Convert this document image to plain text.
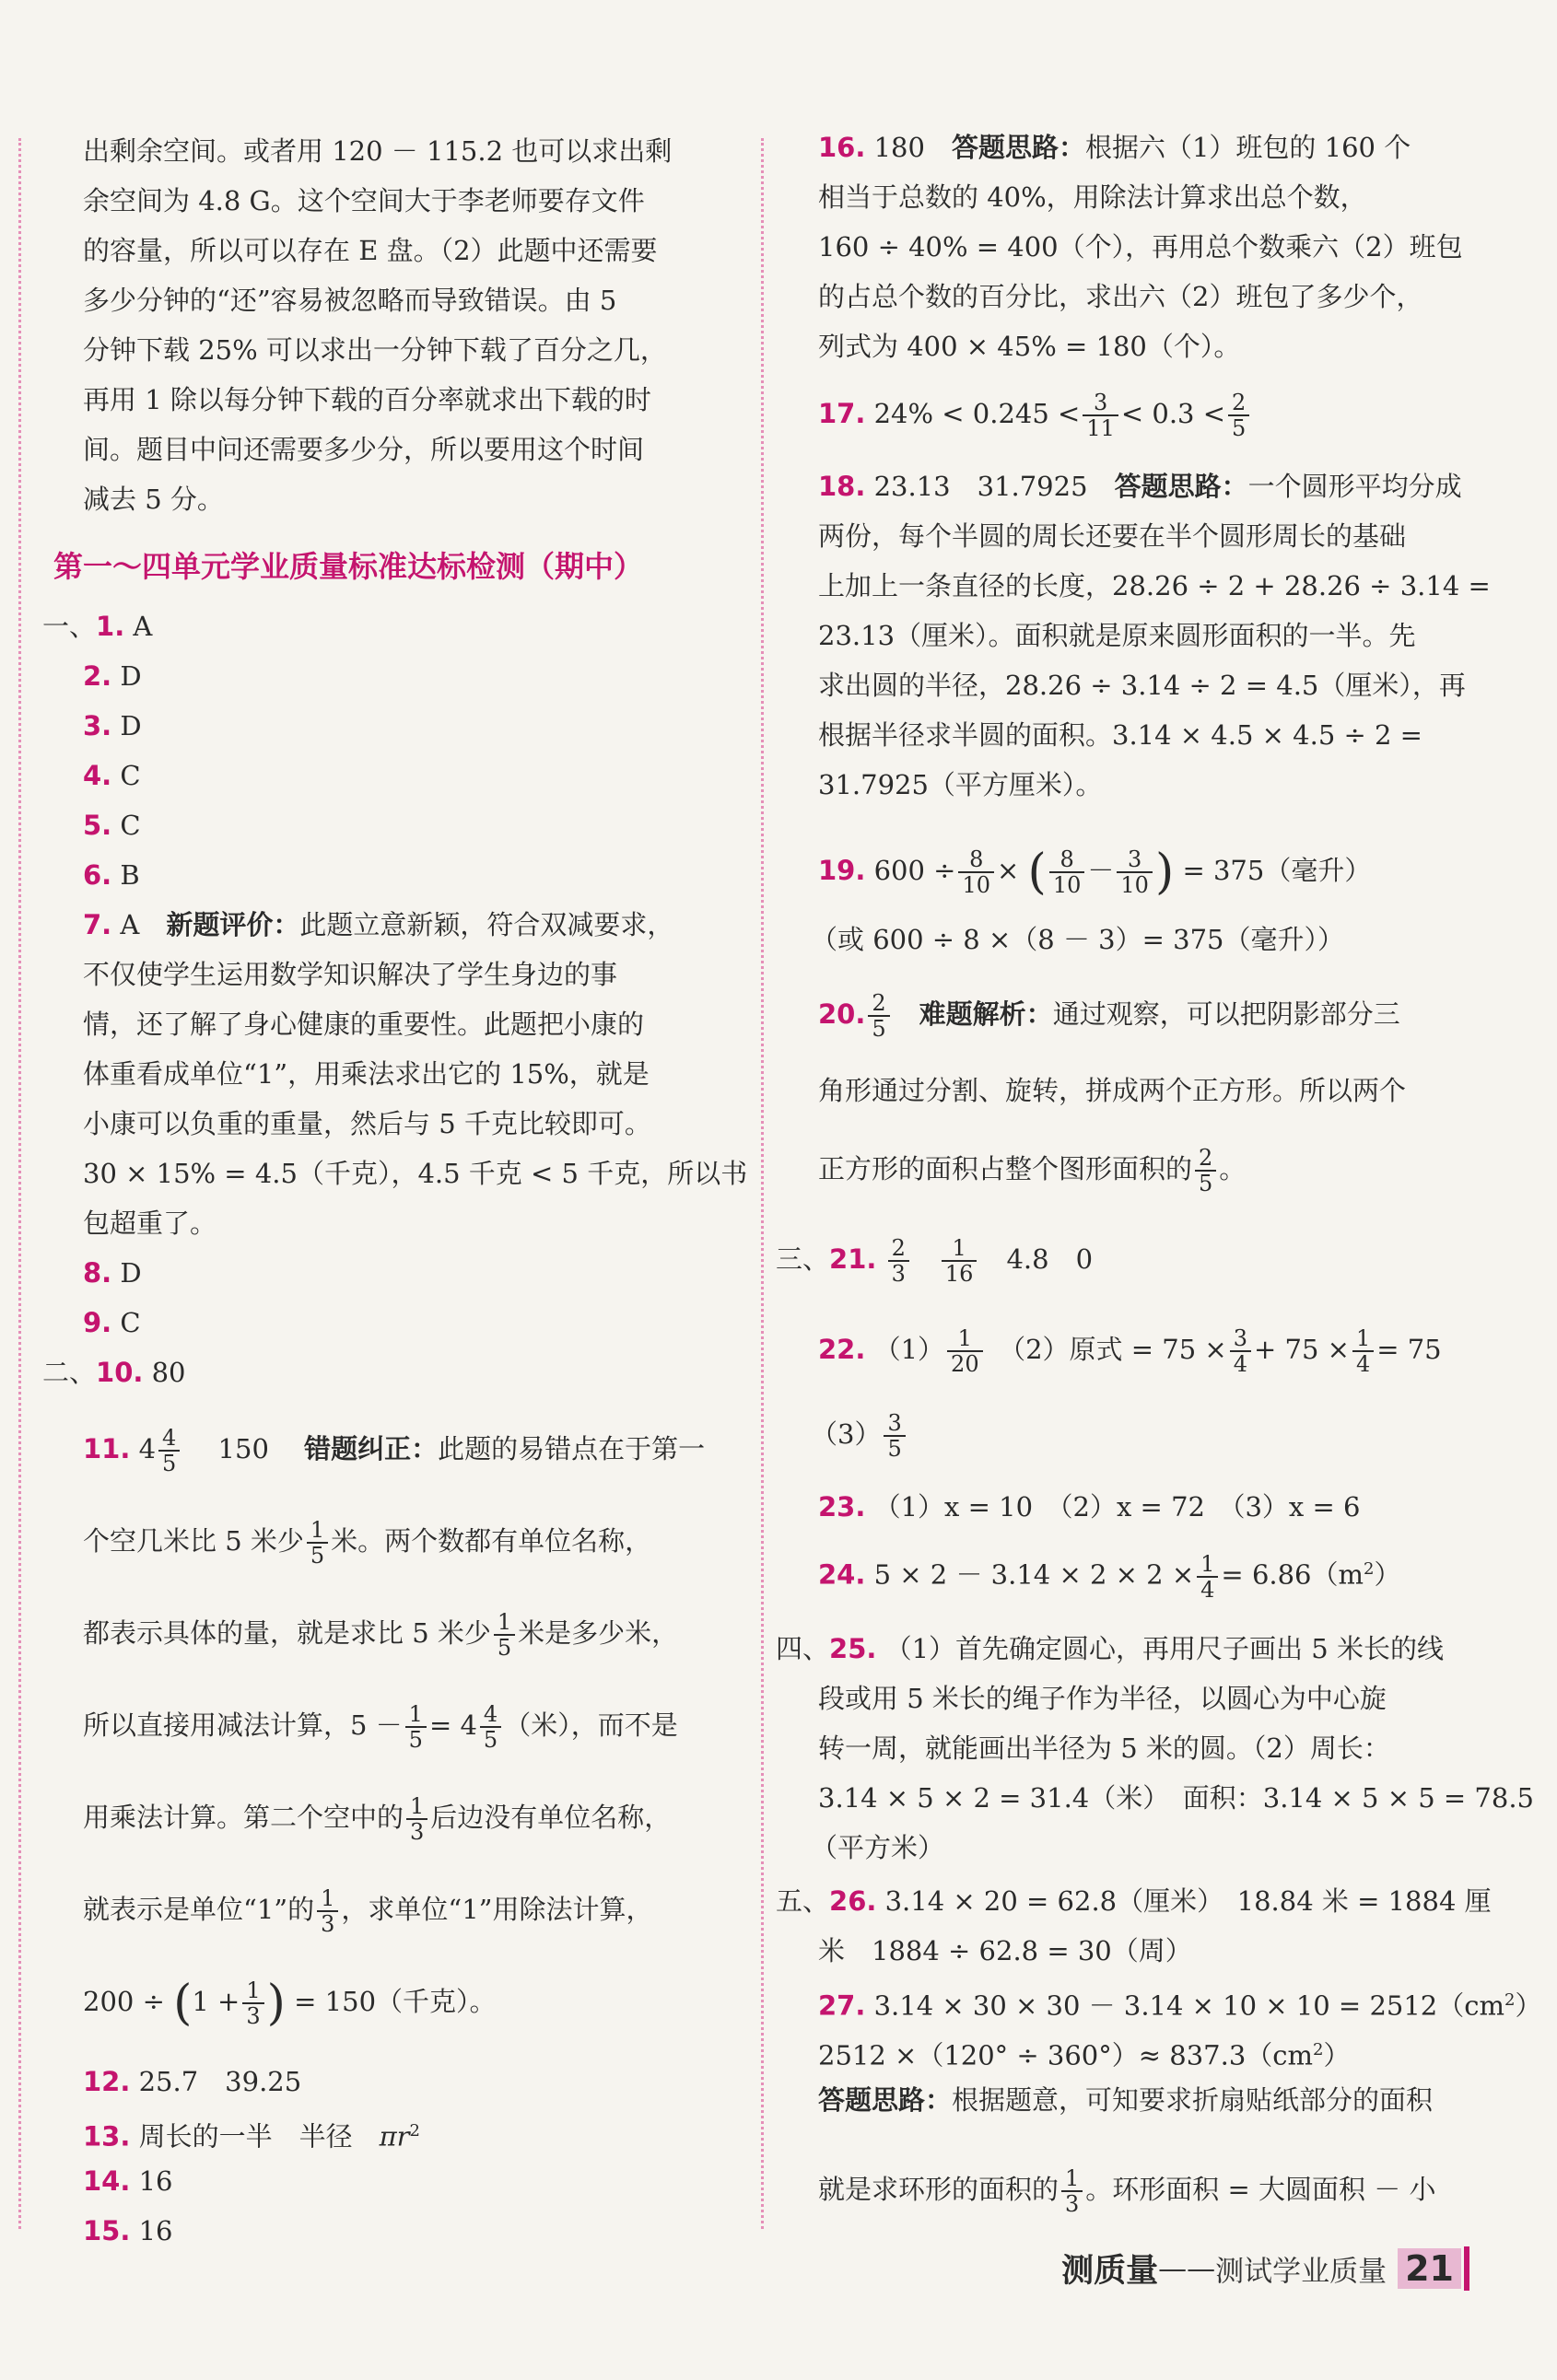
出剩余空间。或者用 120 － 115.2 也可以求出剩
余空间为 4.8 G。这个空间大于李老师要存文件
的容量，所以可以存在 E 盘。（2）此题中还需要
多少分钟的“还”容易被忽略而导致错误。由 5
分钟下载 25% 可以求出一分钟下载了百分之几，
再用 1 除以每分钟下载的百分率就求出下载的时
间。题目中问还需要多少分，所以要用这个时间
减去 5 分。
第一～四单元学业质量标准达标检测（期中）
一、1. A
2. D
3. D
4. C
5. C
6. B
7. A　 新题评价：此题立意新颖，符合双减要求，
不仅使学生运用数学知识解决了学生身边的事
情，还了解了身心健康的重要性。此题把小康的
体重看成单位“1”，用乘法求出它的 15%，就是
小康可以负重的重量，然后与 5 千克比较即可。
30 × 15% = 4.5（千克），4.5 千克 < 5 千克，所以书
包超重了。
8. D
9. C
二、10. 80
11. $4 \frac{4}{5}$
　 150　 错题纠正：此题的易错点在于第一
个空几米比 5 米少 $\frac{1}{5}$ 米。两个数都有单位名称，
都表示具体的量，就是求比 5 米少 $\frac{1}{5}$ 米是多少米，
所以直接用减法计算，$5 - \frac{1}{5} = 4 \frac{4}{5}$ （米），而不是
用乘法计算。第二个空中的 $\frac{1}{3}$ 后边没有单位名称，
就表示是单位“1”的 $\frac{1}{3}$ ，求单位“1”用除法计算，
$200 \div (1 + \frac{1}{3}$ ) = 150（千克）。
12. 25.7　39.25
13. 周长的一半　半径　$\pi r^2$
14. 16
15. 16
16. 180　 答题思路：根据六（1）班包的 160 个
相当于总数的 40%，用除法计算求出总个数，
160 ÷ 40% = 400（个），再用总个数乘六（2）班包
的占总个数的百分比，求出六（2）班包了多少个，
列式为 400 × 45% = 180（个）。
17. $24\% < 0.245 < \frac{3}{11} < 0.3 < \frac{2}{5}$
18. 23.13　31.7925　 答题思路：一个圆形平均分成
两份，每个半圆的周长还要在半个圆形周长的基础
上加上一条直径的长度，28.26 ÷ 2 + 28.26 ÷ 3.14 =
23.13（厘米）。面积就是原来圆形面积的一半。先
求出圆的半径，28.26 ÷ 3.14 ÷ 2 = 4.5（厘米），再
根据半径求半圆的面积。3.14 × 4.5 × 4.5 ÷ 2 =
31.7925（平方厘米）。
19. $600 \div \frac{8}{10}$ × ( $\frac{8}{10} - \frac{3}{10}$ ) = 375（毫升）
（或 600 ÷ 8 ×（8 － 3）= 375（毫升））
20. $\frac{2}{5}$
　 难题解析：通过观察，可以把阴影部分三
角形通过分割、旋转，拼成两个正方形。所以两个
正方形的面积占整个图形面积的 $\frac{2}{5}$ 。
三、21. $\frac{2}{3}$
　 $\frac{1}{16}$
　 4.8　0
22. $(1) \frac{1}{20}$
　 （2）原式 = $75 \times \frac{3}{4} + 75 \times \frac{1}{4} = 75$
$(3) \frac{3}{5}$
23. （1）x = 10　（2）x = 72　（3）x = 6
24. $5 \times 2 - 3.14 \times 2 \times 2 \times \frac{1}{4} = 6.86(m^2)$
四、25. （1）首先确定圆心，再用尺子画出 5 米长的线
段或用 5 米长的绳子作为半径，以圆心为中心旋
转一周，就能画出半径为 5 米的圆。（2）周长：
3.14 × 5 × 2 = 31.4（米）　面积：3.14 × 5 × 5 = 78.5
（平方米）
五、26. 3.14 × 20 = 62.8（厘米）　18.84 米 = 1884 厘
米　1884 ÷ 62.8 = 30（周）
27. $3.14 \times 30 \times 30 - 3.14 \times 10 \times 10 = 2512(cm^2)$
$2512 \times(120^\circ \div 360^\circ)\approx 837.3(cm^2)$
答题思路：根据题意，可知要求折扇贴纸部分的面积
就是求环形的面积的 $\frac{1}{3}$ 。环形面积 = 大圆面积 － 小
测质量——测试学业质量 21
